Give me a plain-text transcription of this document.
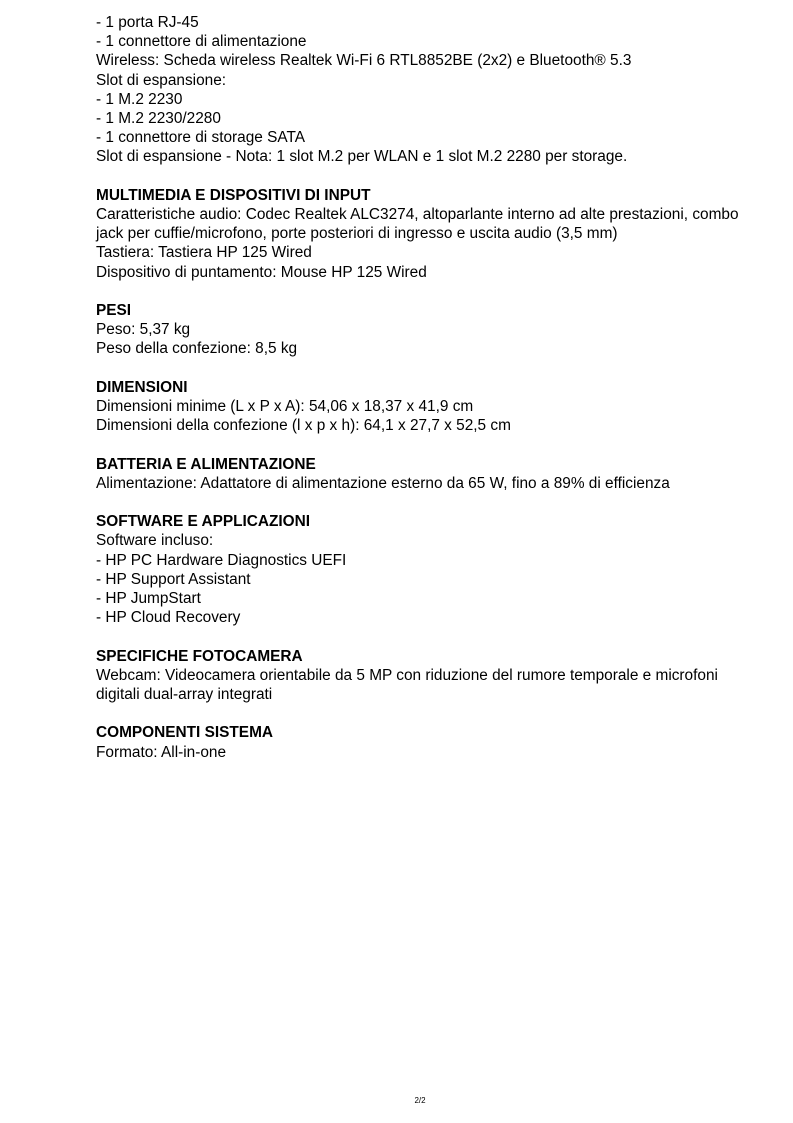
- 1 porta RJ-45
- 1 connettore di alimentazione
Wireless: Scheda wireless Realtek Wi-Fi 6 RTL8852BE (2x2) e Bluetooth® 5.3
Slot di espansione:
- 1 M.2 2230
- 1 M.2 2230/2280
- 1 connettore di storage SATA
Slot di espansione - Nota: 1 slot M.2 per WLAN e 1 slot M.2 2280 per storage.
MULTIMEDIA E DISPOSITIVI DI INPUT
Caratteristiche audio: Codec Realtek ALC3274, altoparlante interno ad alte prestazioni, combo jack per cuffie/microfono, porte posteriori di ingresso e uscita audio (3,5 mm)
Tastiera: Tastiera HP 125 Wired
Dispositivo di puntamento: Mouse HP 125 Wired
PESI
Peso: 5,37 kg
Peso della confezione: 8,5 kg
DIMENSIONI
Dimensioni minime (L x P x A): 54,06 x 18,37 x 41,9 cm
Dimensioni della confezione (l x p x h): 64,1 x 27,7 x 52,5 cm
BATTERIA E ALIMENTAZIONE
Alimentazione: Adattatore di alimentazione esterno da 65 W, fino a 89% di efficienza
SOFTWARE E APPLICAZIONI
Software incluso:
- HP PC Hardware Diagnostics UEFI
- HP Support Assistant
- HP JumpStart
- HP Cloud Recovery
SPECIFICHE FOTOCAMERA
Webcam: Videocamera orientabile da 5 MP con riduzione del rumore temporale e microfoni digitali dual-array integrati
COMPONENTI SISTEMA
Formato: All-in-one
2/2
